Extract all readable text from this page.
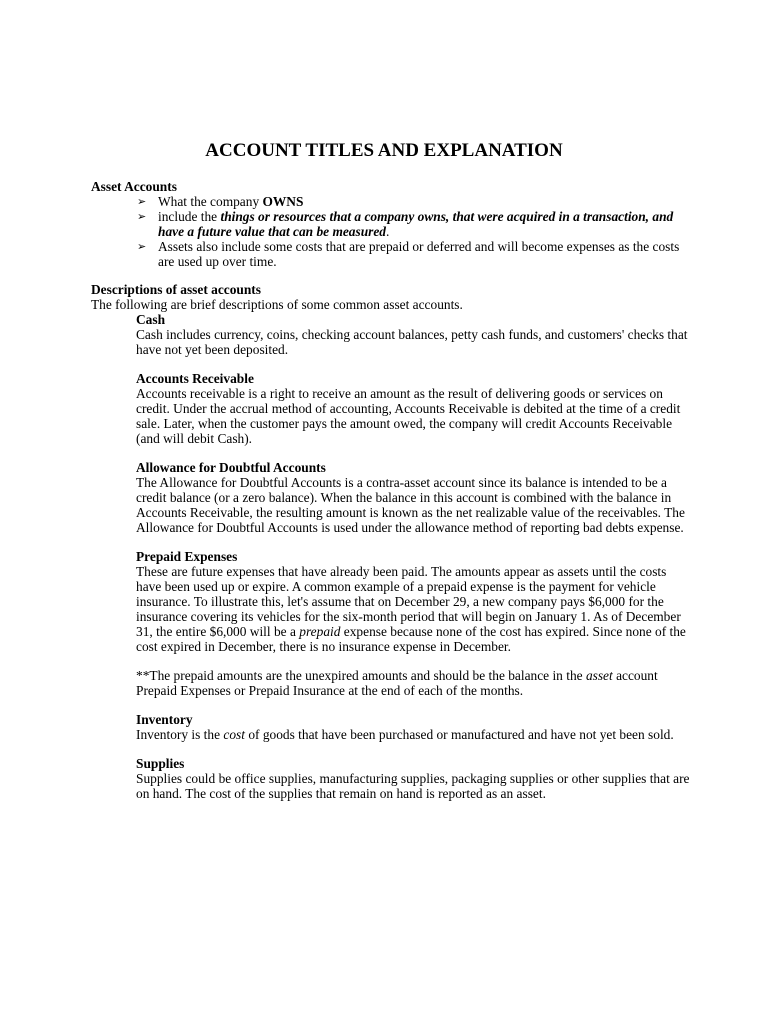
ACCOUNT TITLES AND EXPLANATION
Asset Accounts
➢ What the company OWNS
➢ include the things or resources that a company owns, that were acquired in a transaction, and have a future value that can be measured.
➢ Assets also include some costs that are prepaid or deferred and will become expenses as the costs are used up over time.
Descriptions of asset accounts

The following are brief descriptions of some common asset accounts.

Cash

Cash includes currency, coins, checking account balances, petty cash funds, and customers' checks that have not yet been deposited.

Accounts Receivable

Accounts receivable is a right to receive an amount as the result of delivering goods or services on credit. Under the accrual method of accounting, Accounts Receivable is debited at the time of a credit sale. Later, when the customer pays the amount owed, the company will credit Accounts Receivable (and will debit Cash).

Allowance for Doubtful Accounts

The Allowance for Doubtful Accounts is a contra-asset account since its balance is intended to be a credit balance (or a zero balance). When the balance in this account is combined with the balance in Accounts Receivable, the resulting amount is known as the net realizable value of the receivables. The Allowance for Doubtful Accounts is used under the allowance method of reporting bad debts expense.

Prepaid Expenses

These are future expenses that have already been paid. The amounts appear as assets until the costs have been used up or expire. A common example of a prepaid expense is the payment for vehicle insurance. To illustrate this, let's assume that on December 29, a new company pays $6,000 for the insurance covering its vehicles for the six-month period that will begin on January 1. As of December 31, the entire $6,000 will be a prepaid expense because none of the cost has expired. Since none of the cost expired in December, there is no insurance expense in December.

**The prepaid amounts are the unexpired amounts and should be the balance in the asset account Prepaid Expenses or Prepaid Insurance at the end of each of the months.

Inventory

Inventory is the cost of goods that have been purchased or manufactured and have not yet been sold.

Supplies

Supplies could be office supplies, manufacturing supplies, packaging supplies or other supplies that are on hand. The cost of the supplies that remain on hand is reported as an asset.
